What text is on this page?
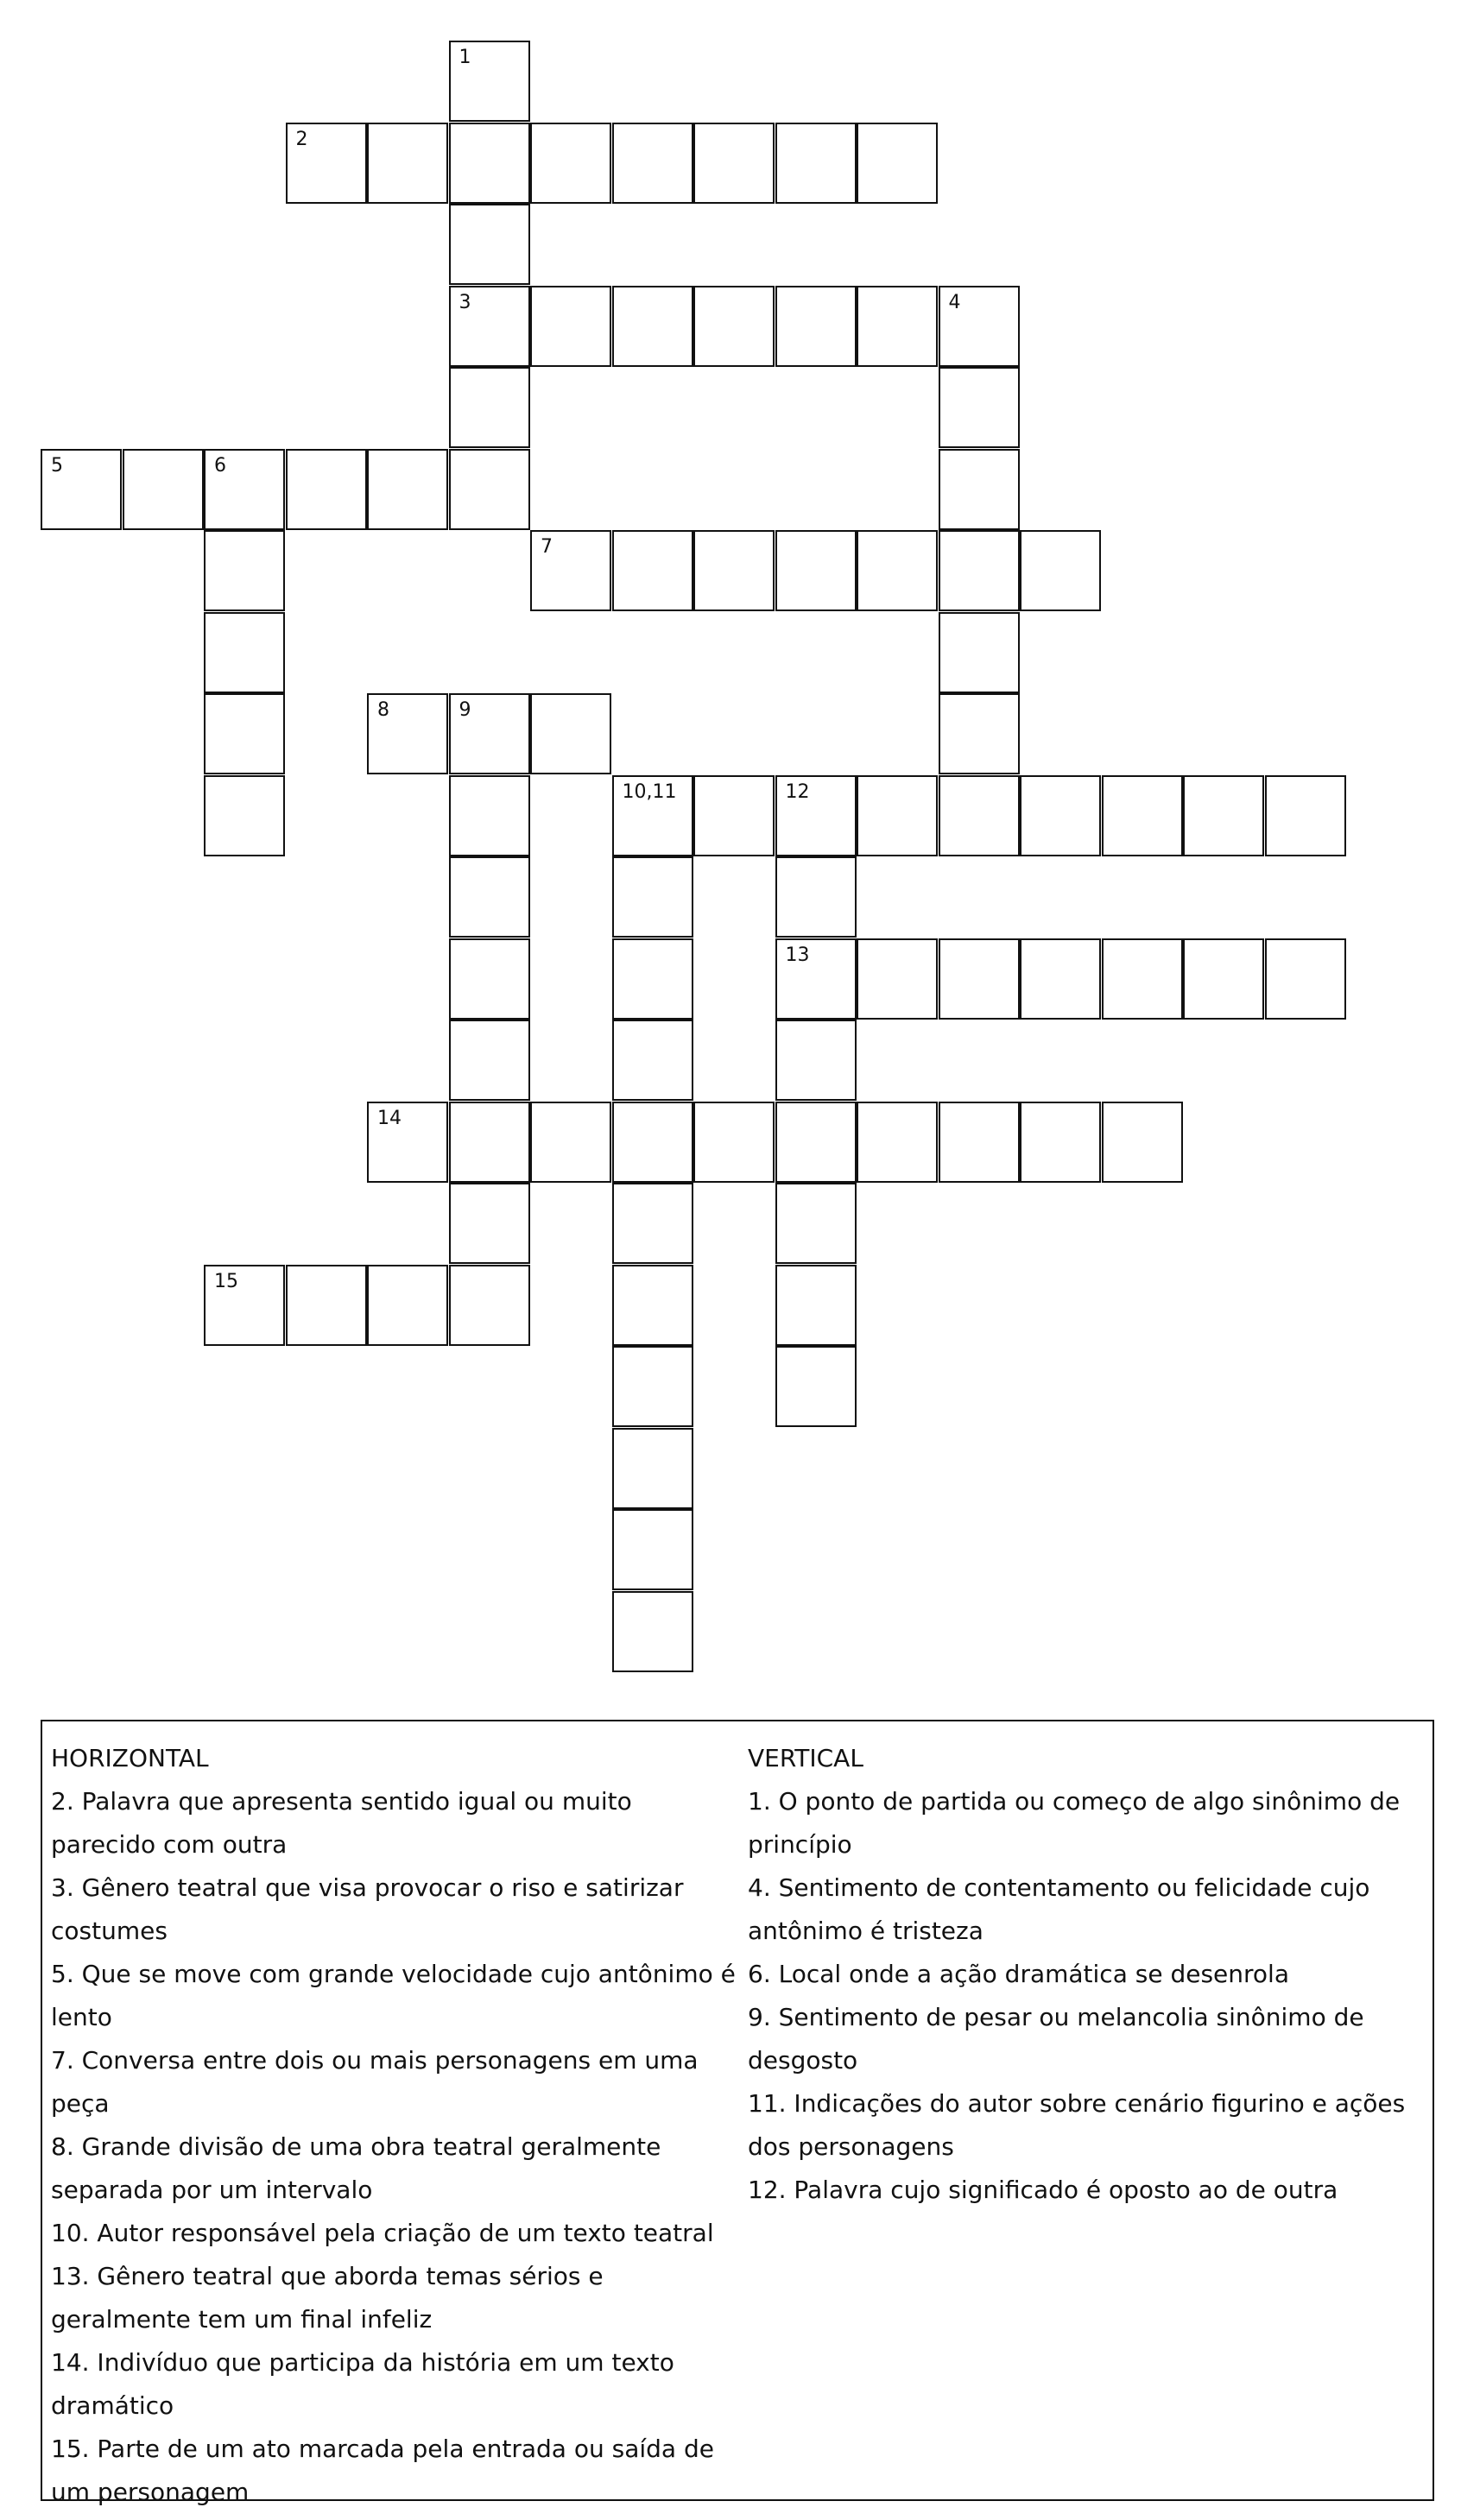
1
2
3	4
5	6
7
8	9
10,11	12
13
14
15

HORIZONTAL

2. Palavra que apresenta sentido igual ou muito parecido com outra

3. Gênero teatral que visa provocar o riso e satirizar costumes

5. Que se move com grande velocidade cujo antônimo é lento

7. Conversa entre dois ou mais personagens em uma peça

8. Grande divisão de uma obra teatral geralmente separada por um intervalo

10. Autor responsável pela criação de um texto teatral

13. Gênero teatral que aborda temas sérios e geralmente tem um final infeliz

14. Indivíduo que participa da história em um texto dramático

15. Parte de um ato marcada pela entrada ou saída de um personagem

VERTICAL

1. O ponto de partida ou começo de algo sinônimo de princípio

4. Sentimento de contentamento ou felicidade cujo antônimo é tristeza

6. Local onde a ação dramática se desenrola

9. Sentimento de pesar ou melancolia sinônimo de desgosto

11. Indicações do autor sobre cenário figurino e ações dos personagens

12. Palavra cujo significado é oposto ao de outra
